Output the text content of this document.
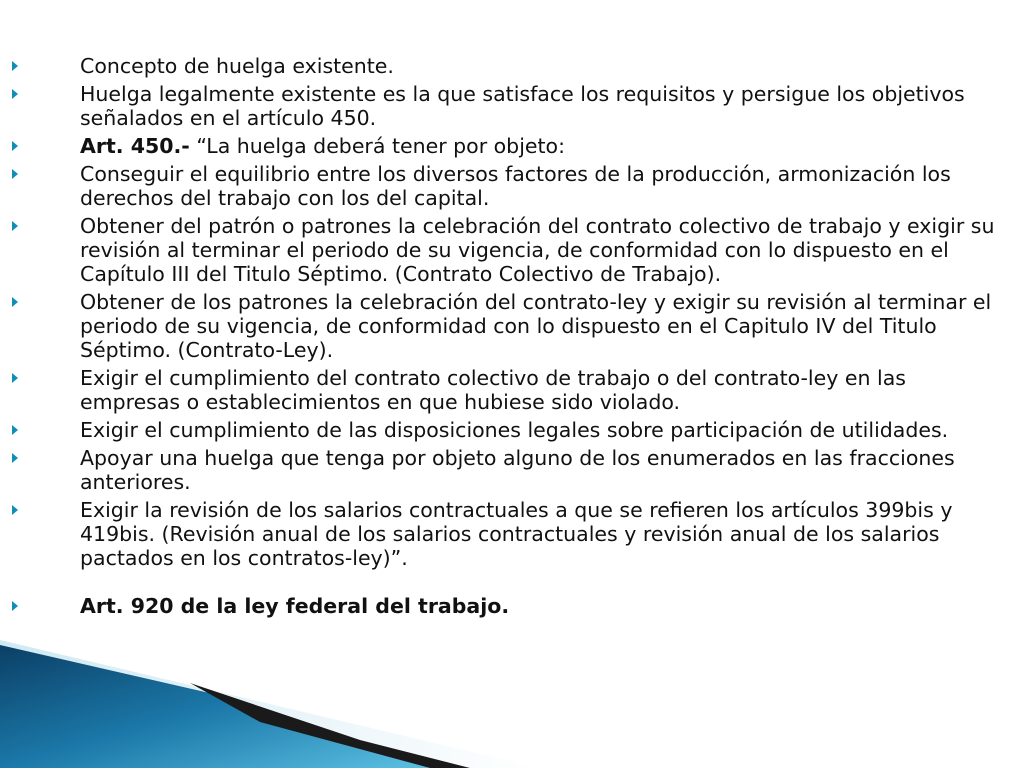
Concepto de huelga existente.
Huelga legalmente existente es la que satisface los requisitos y persigue los objetivos señalados en el artículo 450.
Art. 450.- “La huelga deberá tener por objeto:
Conseguir el equilibrio entre los diversos factores de la producción, armonización los derechos del trabajo con los del capital.
Obtener del patrón o patrones la celebración del contrato colectivo de trabajo y exigir su revisión al terminar el periodo de su vigencia, de conformidad con lo dispuesto en el Capítulo III del Titulo Séptimo. (Contrato Colectivo de Trabajo).
Obtener de los patrones la celebración del contrato-ley y exigir su revisión al terminar el periodo de su vigencia, de conformidad con lo dispuesto en el Capitulo IV del Titulo Séptimo. (Contrato-Ley).
Exigir el cumplimiento del contrato colectivo de trabajo o del contrato-ley en las empresas o establecimientos en que hubiese sido violado.
Exigir el cumplimiento de las disposiciones legales sobre participación de utilidades.
Apoyar una huelga que tenga por objeto alguno de los enumerados en las fracciones anteriores.
Exigir la revisión de los salarios contractuales a que se refieren los artículos 399bis y 419bis. (Revisión anual de los salarios contractuales y revisión anual de los salarios pactados en los contratos-ley)”.
Art. 920 de la ley federal del trabajo.
